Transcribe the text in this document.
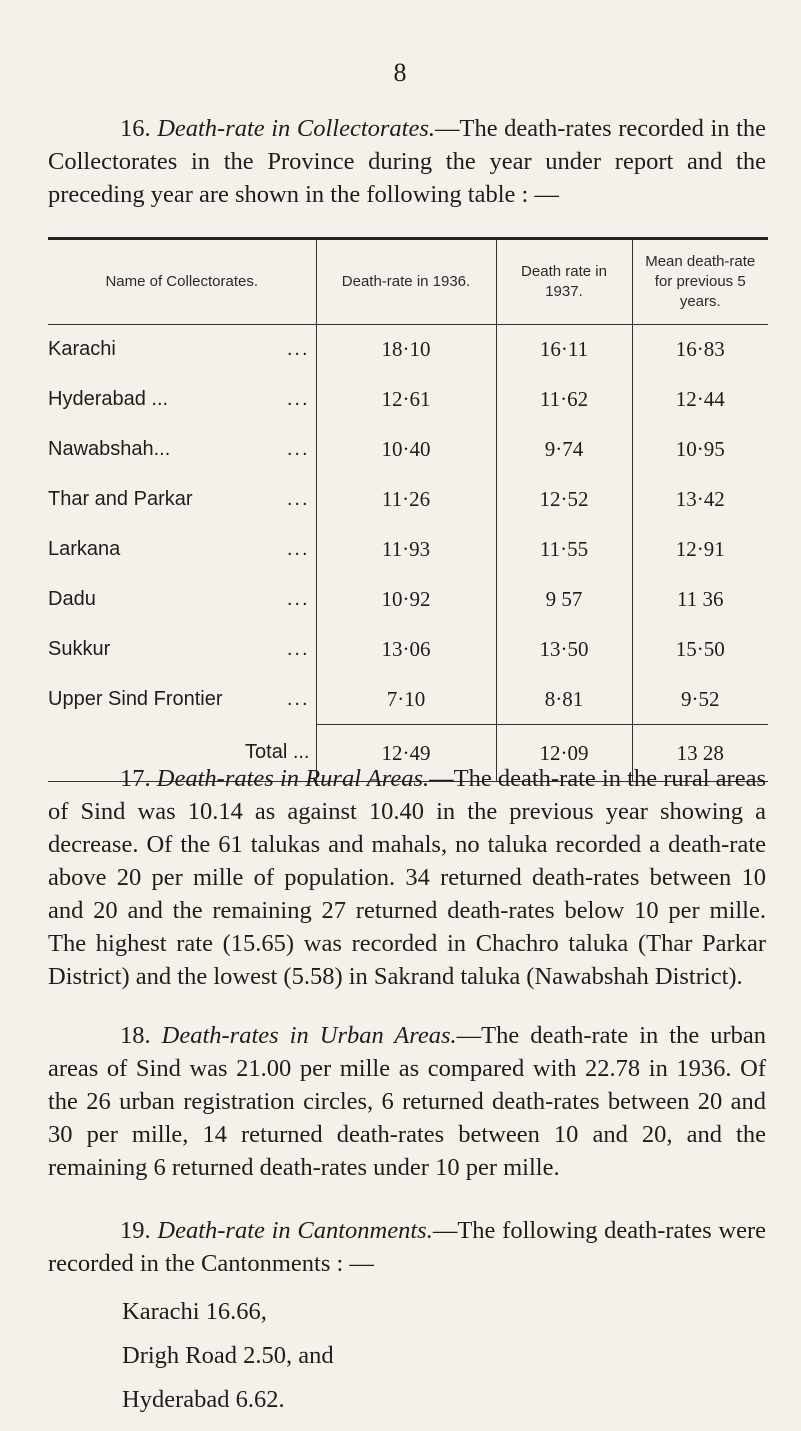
8

16. Death-rate in Collectorates.—The death-rates recorded in the Collectorates in the Province during the year under report and the preceding year are shown in the following table : —

Name of Collectorates.	Death-rate in 1936.	Death rate in 1937.	Mean death-rate for previous 5 years.
Karachi ...	18·10	16·11	16·83
Hyderabad ... ...	12·61	11·62	12·44
Nawabshah... ...	10·40	9·74	10·95
Thar and Parkar ...	11·26	12·52	13·42
Larkana ...	11·93	11·55	12·91
Dadu ...	10·92	9 57	11 36
Sukkur ...	13·06	13·50	15·50
Upper Sind Frontier ...	7·10	8·81	9·52
Total ...	12·49	12·09	13 28

17. Death-rates in Rural Areas.—The death-rate in the rural areas of Sind was 10.14 as against 10.40 in the previous year showing a decrease. Of the 61 talukas and mahals, no taluka recorded a death-rate above 20 per mille of population. 34 returned death-rates between 10 and 20 and the remaining 27 returned death-rates below 10 per mille. The highest rate (15.65) was recorded in Chachro taluka (Thar Parkar District) and the lowest (5.58) in Sakrand taluka (Nawabshah District).

18. Death-rates in Urban Areas.—The death-rate in the urban areas of Sind was 21.00 per mille as compared with 22.78 in 1936. Of the 26 urban registration circles, 6 returned death-rates between 20 and 30 per mille, 14 returned death-rates between 10 and 20, and the remaining 6 returned death-rates under 10 per mille.

19. Death-rate in Cantonments.—The following death-rates were recorded in the Cantonments : —

Karachi 16.66,
Drigh Road 2.50, and
Hyderabad 6.62.
